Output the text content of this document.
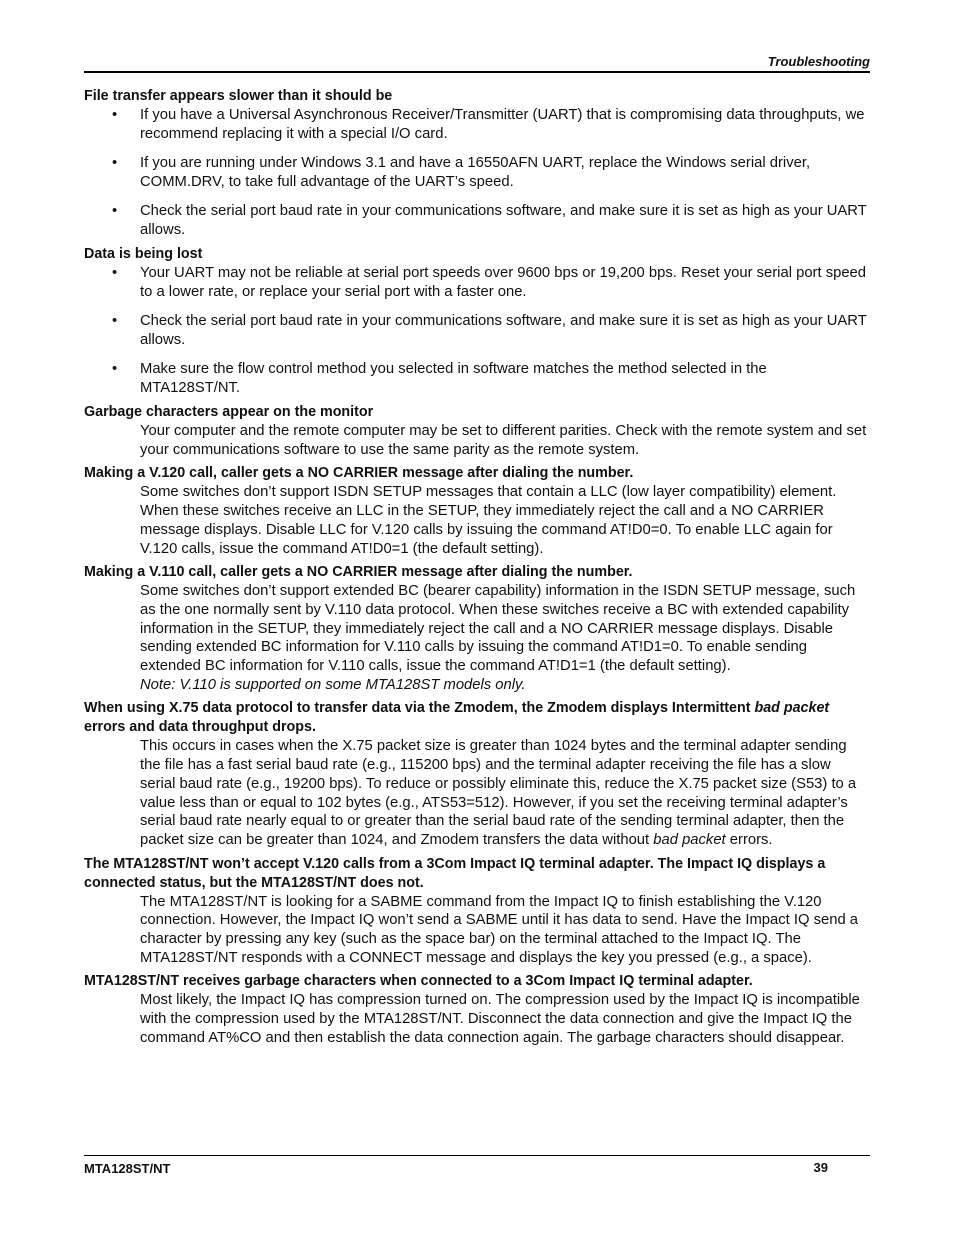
Troubleshooting

File transfer appears slower than it should be

• If you have a Universal Asynchronous Receiver/Transmitter (UART) that is compromising data throughputs, we recommend replacing it with a special I/O card.
• If you are running under Windows 3.1 and have a 16550AFN UART, replace the Windows serial driver, COMM.DRV, to take full advantage of the UART’s speed.
• Check the serial port baud rate in your communications software, and make sure it is set as high as your UART allows.

Data is being lost

• Your UART may not be reliable at serial port speeds over 9600 bps or 19,200 bps. Reset your serial port speed to a lower rate, or replace your serial port with a faster one.
• Check the serial port baud rate in your communications software, and make sure it is set as high as your UART allows.
• Make sure the flow control method you selected in software matches the method selected in the MTA128ST/NT.

Garbage characters appear on the monitor

Your computer and the remote computer may be set to different parities. Check with the remote system and set your communications software to use the same parity as the remote system.

Making a V.120 call, caller gets a NO CARRIER message after dialing the number.

Some switches don’t support ISDN SETUP messages that contain a LLC (low layer compatibility) element. When these switches receive an LLC in the SETUP, they immediately reject the call and a NO CARRIER message displays. Disable LLC for V.120 calls by issuing the command AT!D0=0. To enable LLC again for V.120 calls, issue the command AT!D0=1 (the default setting).

Making a V.110 call, caller gets a NO CARRIER message after dialing the number.

Some switches don’t support extended BC (bearer capability) information in the ISDN SETUP message, such as the one normally sent by V.110 data protocol. When these switches receive a BC with extended capability information in the SETUP, they immediately reject the call and a NO CARRIER message displays. Disable sending extended BC information for V.110 calls by issuing the command AT!D1=0. To enable sending extended BC information for V.110 calls, issue the command AT!D1=1 (the default setting).

Note: V.110 is supported on some MTA128ST models only.

When using X.75 data protocol to transfer data via the Zmodem, the Zmodem displays Intermittent bad packet errors and data throughput drops.

This occurs in cases when the X.75 packet size is greater than 1024 bytes and the terminal adapter sending the file has a fast serial baud rate (e.g., 115200 bps) and the terminal adapter receiving the file has a slow serial baud rate (e.g., 19200 bps). To reduce or possibly eliminate this, reduce the X.75 packet size (S53) to a value less than or equal to 102 bytes (e.g., ATS53=512). However, if you set the receiving terminal adapter’s serial baud rate nearly equal to or greater than the serial baud rate of the sending terminal adapter, then the packet size can be greater than 1024, and Zmodem transfers the data without bad packet errors.

The MTA128ST/NT won’t accept V.120 calls from a 3Com Impact IQ terminal adapter. The Impact IQ displays a connected status, but the MTA128ST/NT does not.

The MTA128ST/NT is looking for a SABME command from the Impact IQ to finish establishing the V.120 connection. However, the Impact IQ won’t send a SABME until it has data to send. Have the Impact IQ send a character by pressing any key (such as the space bar) on the terminal attached to the Impact IQ. The MTA128ST/NT responds with a CONNECT message and displays the key you pressed (e.g., a space).

MTA128ST/NT receives garbage characters when connected to a 3Com Impact IQ terminal adapter.

Most likely, the Impact IQ has compression turned on. The compression used by the Impact IQ is incompatible with the compression used by the MTA128ST/NT. Disconnect the data connection and give the Impact IQ the command AT%CO and then establish the data connection again. The garbage characters should disappear.

MTA128ST/NT	39
